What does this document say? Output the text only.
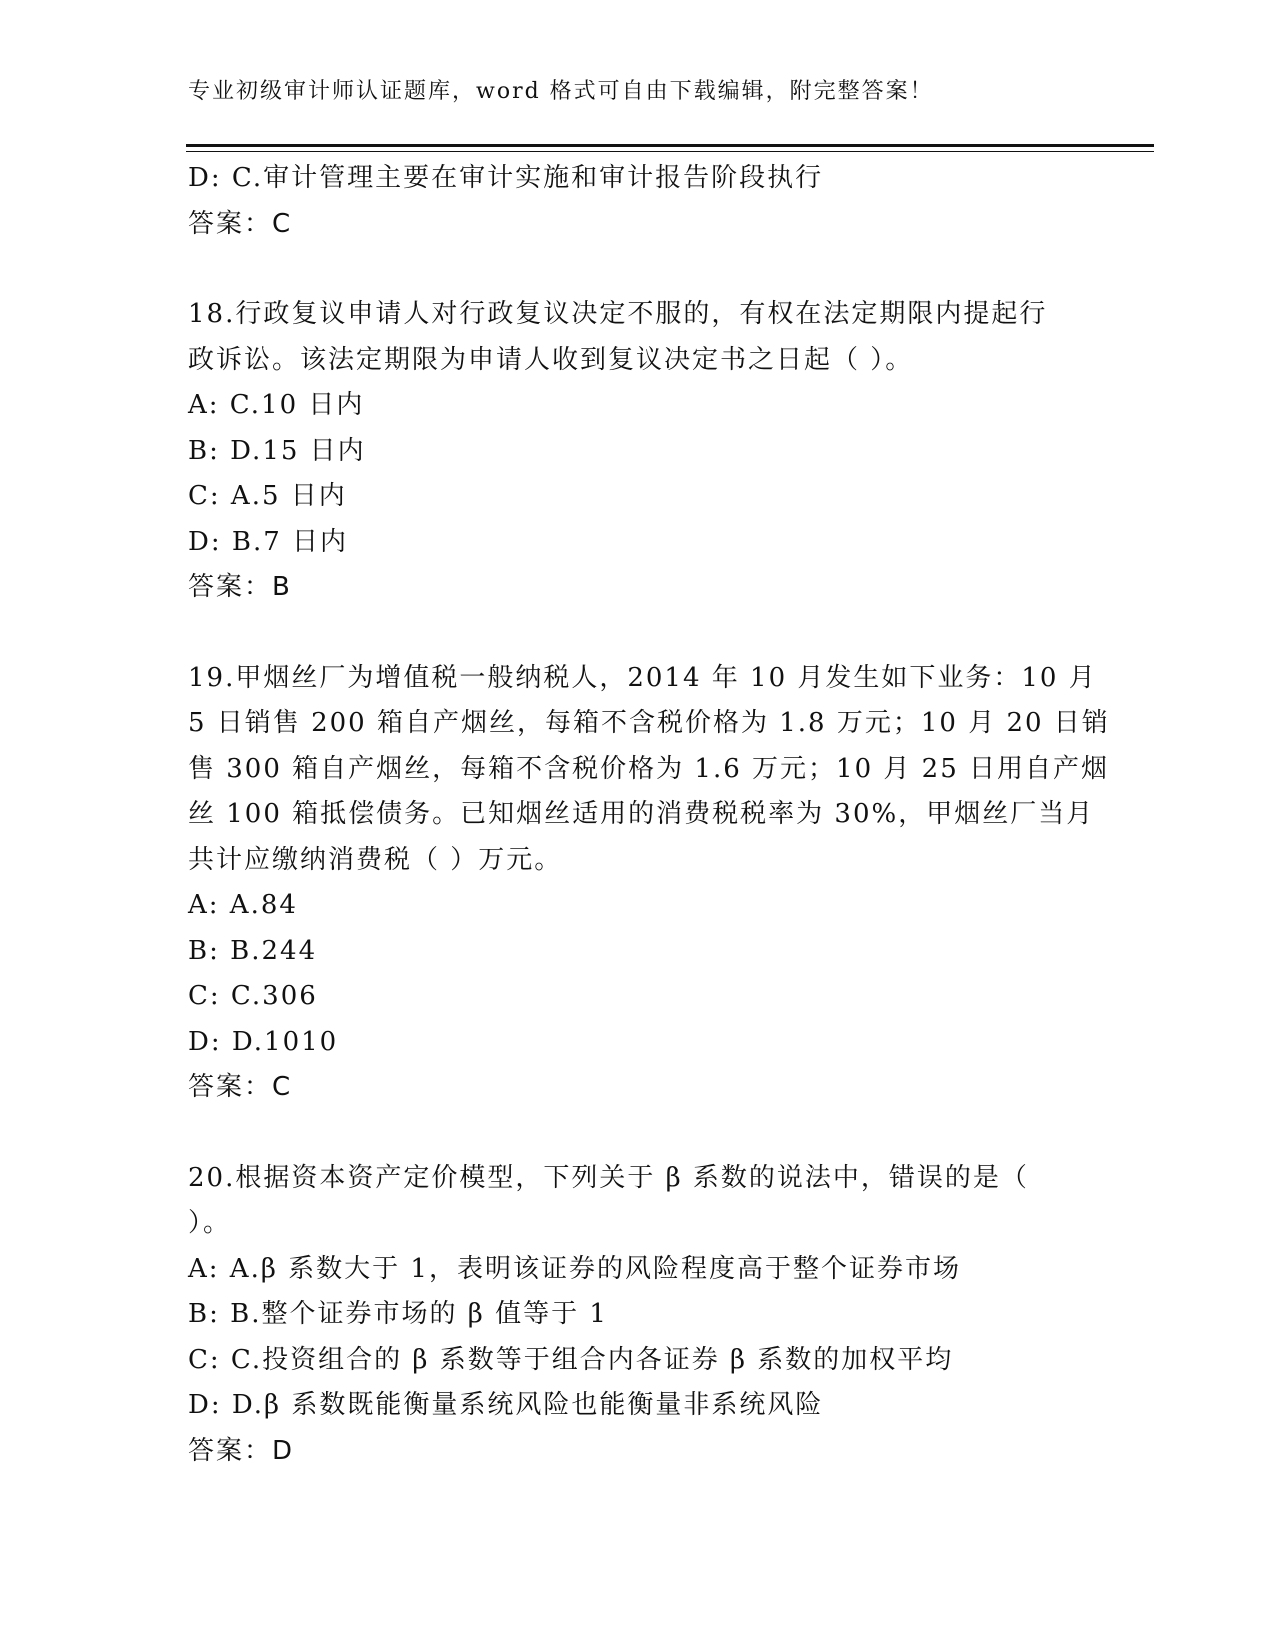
专业初级审计师认证题库，word 格式可自由下载编辑，附完整答案！
D: C.审计管理主要在审计实施和审计报告阶段执行
答案：C
18.行政复议申请人对行政复议决定不服的，有权在法定期限内提起行
政诉讼。该法定期限为申请人收到复议决定书之日起（ ）。
A: C.10 日内
B: D.15 日内
C: A.5 日内
D: B.7 日内
答案：B
19.甲烟丝厂为增值税一般纳税人，2014 年 10 月发生如下业务：10 月
5 日销售 200 箱自产烟丝，每箱不含税价格为 1.8 万元；10 月 20 日销
售 300 箱自产烟丝，每箱不含税价格为 1.6 万元；10 月 25 日用自产烟
丝 100 箱抵偿债务。已知烟丝适用的消费税税率为 30%，甲烟丝厂当月
共计应缴纳消费税（ ）万元。
A: A.84
B: B.244
C: C.306
D: D.1010
答案：C
20.根据资本资产定价模型，下列关于 β 系数的说法中，错误的是（
）。
A: A.β 系数大于 1，表明该证券的风险程度高于整个证券市场
B: B.整个证券市场的 β 值等于 1
C: C.投资组合的 β 系数等于组合内各证券 β 系数的加权平均
D: D.β 系数既能衡量系统风险也能衡量非系统风险
答案：D
